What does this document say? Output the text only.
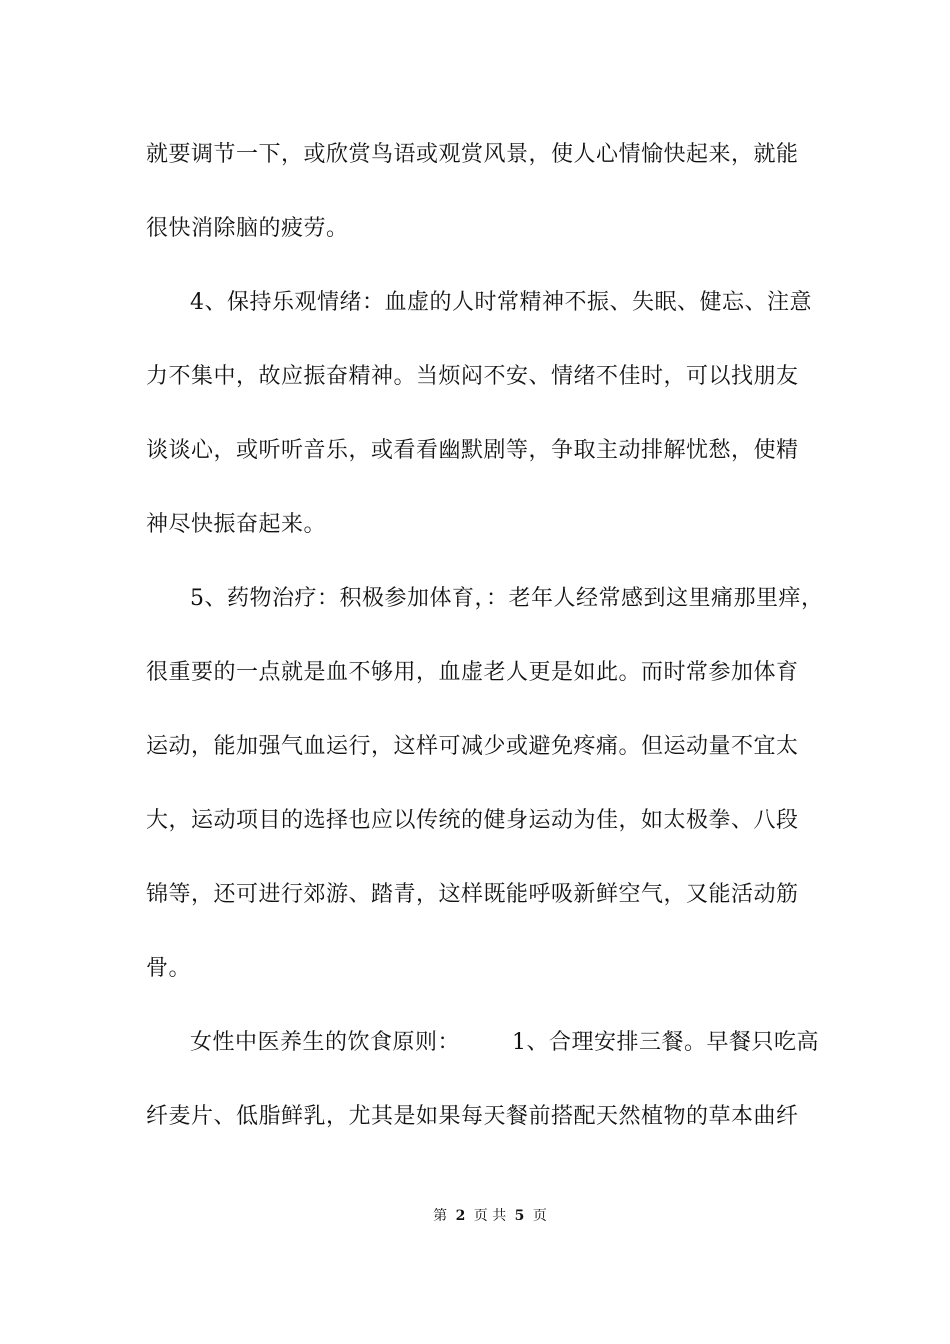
就要调节一下，或欣赏鸟语或观赏风景，使人心情愉快起来，就能
很快消除脑的疲劳。
4、保持乐观情绪：血虚的人时常精神不振、失眠、健忘、注意
力不集中，故应振奋精神。当烦闷不安、情绪不佳时，可以找朋友
谈谈心，或听听音乐，或看看幽默剧等，争取主动排解忧愁，使精
神尽快振奋起来。
5、药物治疗：积极参加体育，：老年人经常感到这里痛那里痒，
很重要的一点就是血不够用，血虚老人更是如此。而时常参加体育
运动，能加强气血运行，这样可减少或避免疼痛。但运动量不宜太
大，运动项目的选择也应以传统的健身运动为佳，如太极拳、八段
锦等，还可进行郊游、踏青，这样既能呼吸新鲜空气，又能活动筋
骨。
女性中医养生的饮食原则： 1、合理安排三餐。早餐只吃高
纤麦片、低脂鲜乳，尤其是如果每天餐前搭配天然植物的草本曲纤
第 2 页 共 5 页
